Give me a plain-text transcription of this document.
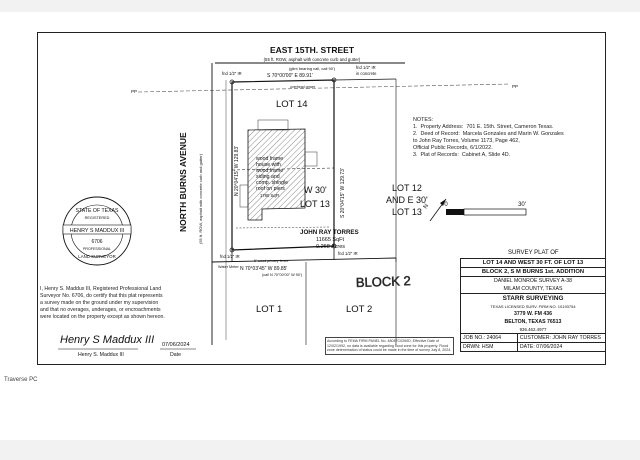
EAST 15TH. STREET
(55 ft. ROW, asphalt with concrete curb and gutter)
(glint bearing call, call 90')
S 70°00'00" E 89.91'
fnd 1/2" IR
fnd 1/2" IR
in concrete
PP
PP
overhead power
wood frame
house with
wood frame
siding and
comp. shingle
roof on piers
1780 SqFt
LOT 14
W 30'
LOT 13
LOT 12
AND E 30'
LOT 13
LOT 1	LOT 2
BLOCK 2
JOHN RAY TORRES
11665 SqFt
0.268 Acres
N 20°04'15" W 129.83'	S 20°04'15" W 129.73'
N 70°03'45" W 89.85'
(call N 70°00'00" W 90')
fnd 1/2" IR
fnd 1/2" IR
Water Meter
6' wood privacy fence
NORTH BURNS AVENUE	(55 ft. ROW, asphalt with concrete curb and gutter)
STATE OF TEXAS
REGISTERED
HENRY S MADDUX III
6706
PROFESSIONAL
LAND SURVEYOR
N 0	30'
Henry S Maddux III 07/06/2024
Henry S. Maddux III	Date
NOTES:
1.  Property Address:  701 E. 15th. Street, Cameron Texas.
2.  Deed of Record:  Marcela Gonzales and Marin W. Gonzales
to John Ray Torres, Volume 1173, Page 462,
Official Public Records, 6/1/2022.
3.  Plat of Records:  Cabinet A, Slide 4D.
I, Henry S. Maddux III, Registered Professional Land
Surveyor No. 6706, do certify that this plat represents
a survey made on the ground under my supervision
and that no overages, underages, or encroachments
were located on the property except as shown hereon.
SURVEY PLAT OF
LOT 14 AND WEST 30 FT. OF LOT 13
BLOCK 2, S M BURNS 1st. ADDITION
DANIEL MONROE SURVEY A-38
MILAM COUNTY, TEXAS
STARR SURVEYING
TEXAS LICENSED SURV. FIRM NO. 10193754
3779 W. FM 436
BELTON, TEXAS 76513
936.462.4977
JOB NO.: 24064	CUSTOMER: JOHN RAY TORRES
DRWN: HSM	DATE: 07/06/2024
According to FEMA FIRM PANEL No. 48047C0260D, Effective Date of 12/02/1992, no data is available regarding flood zone for this property. Flood zone determination of status could be made in the time of survey July 8, 2024.
Traverse PC
